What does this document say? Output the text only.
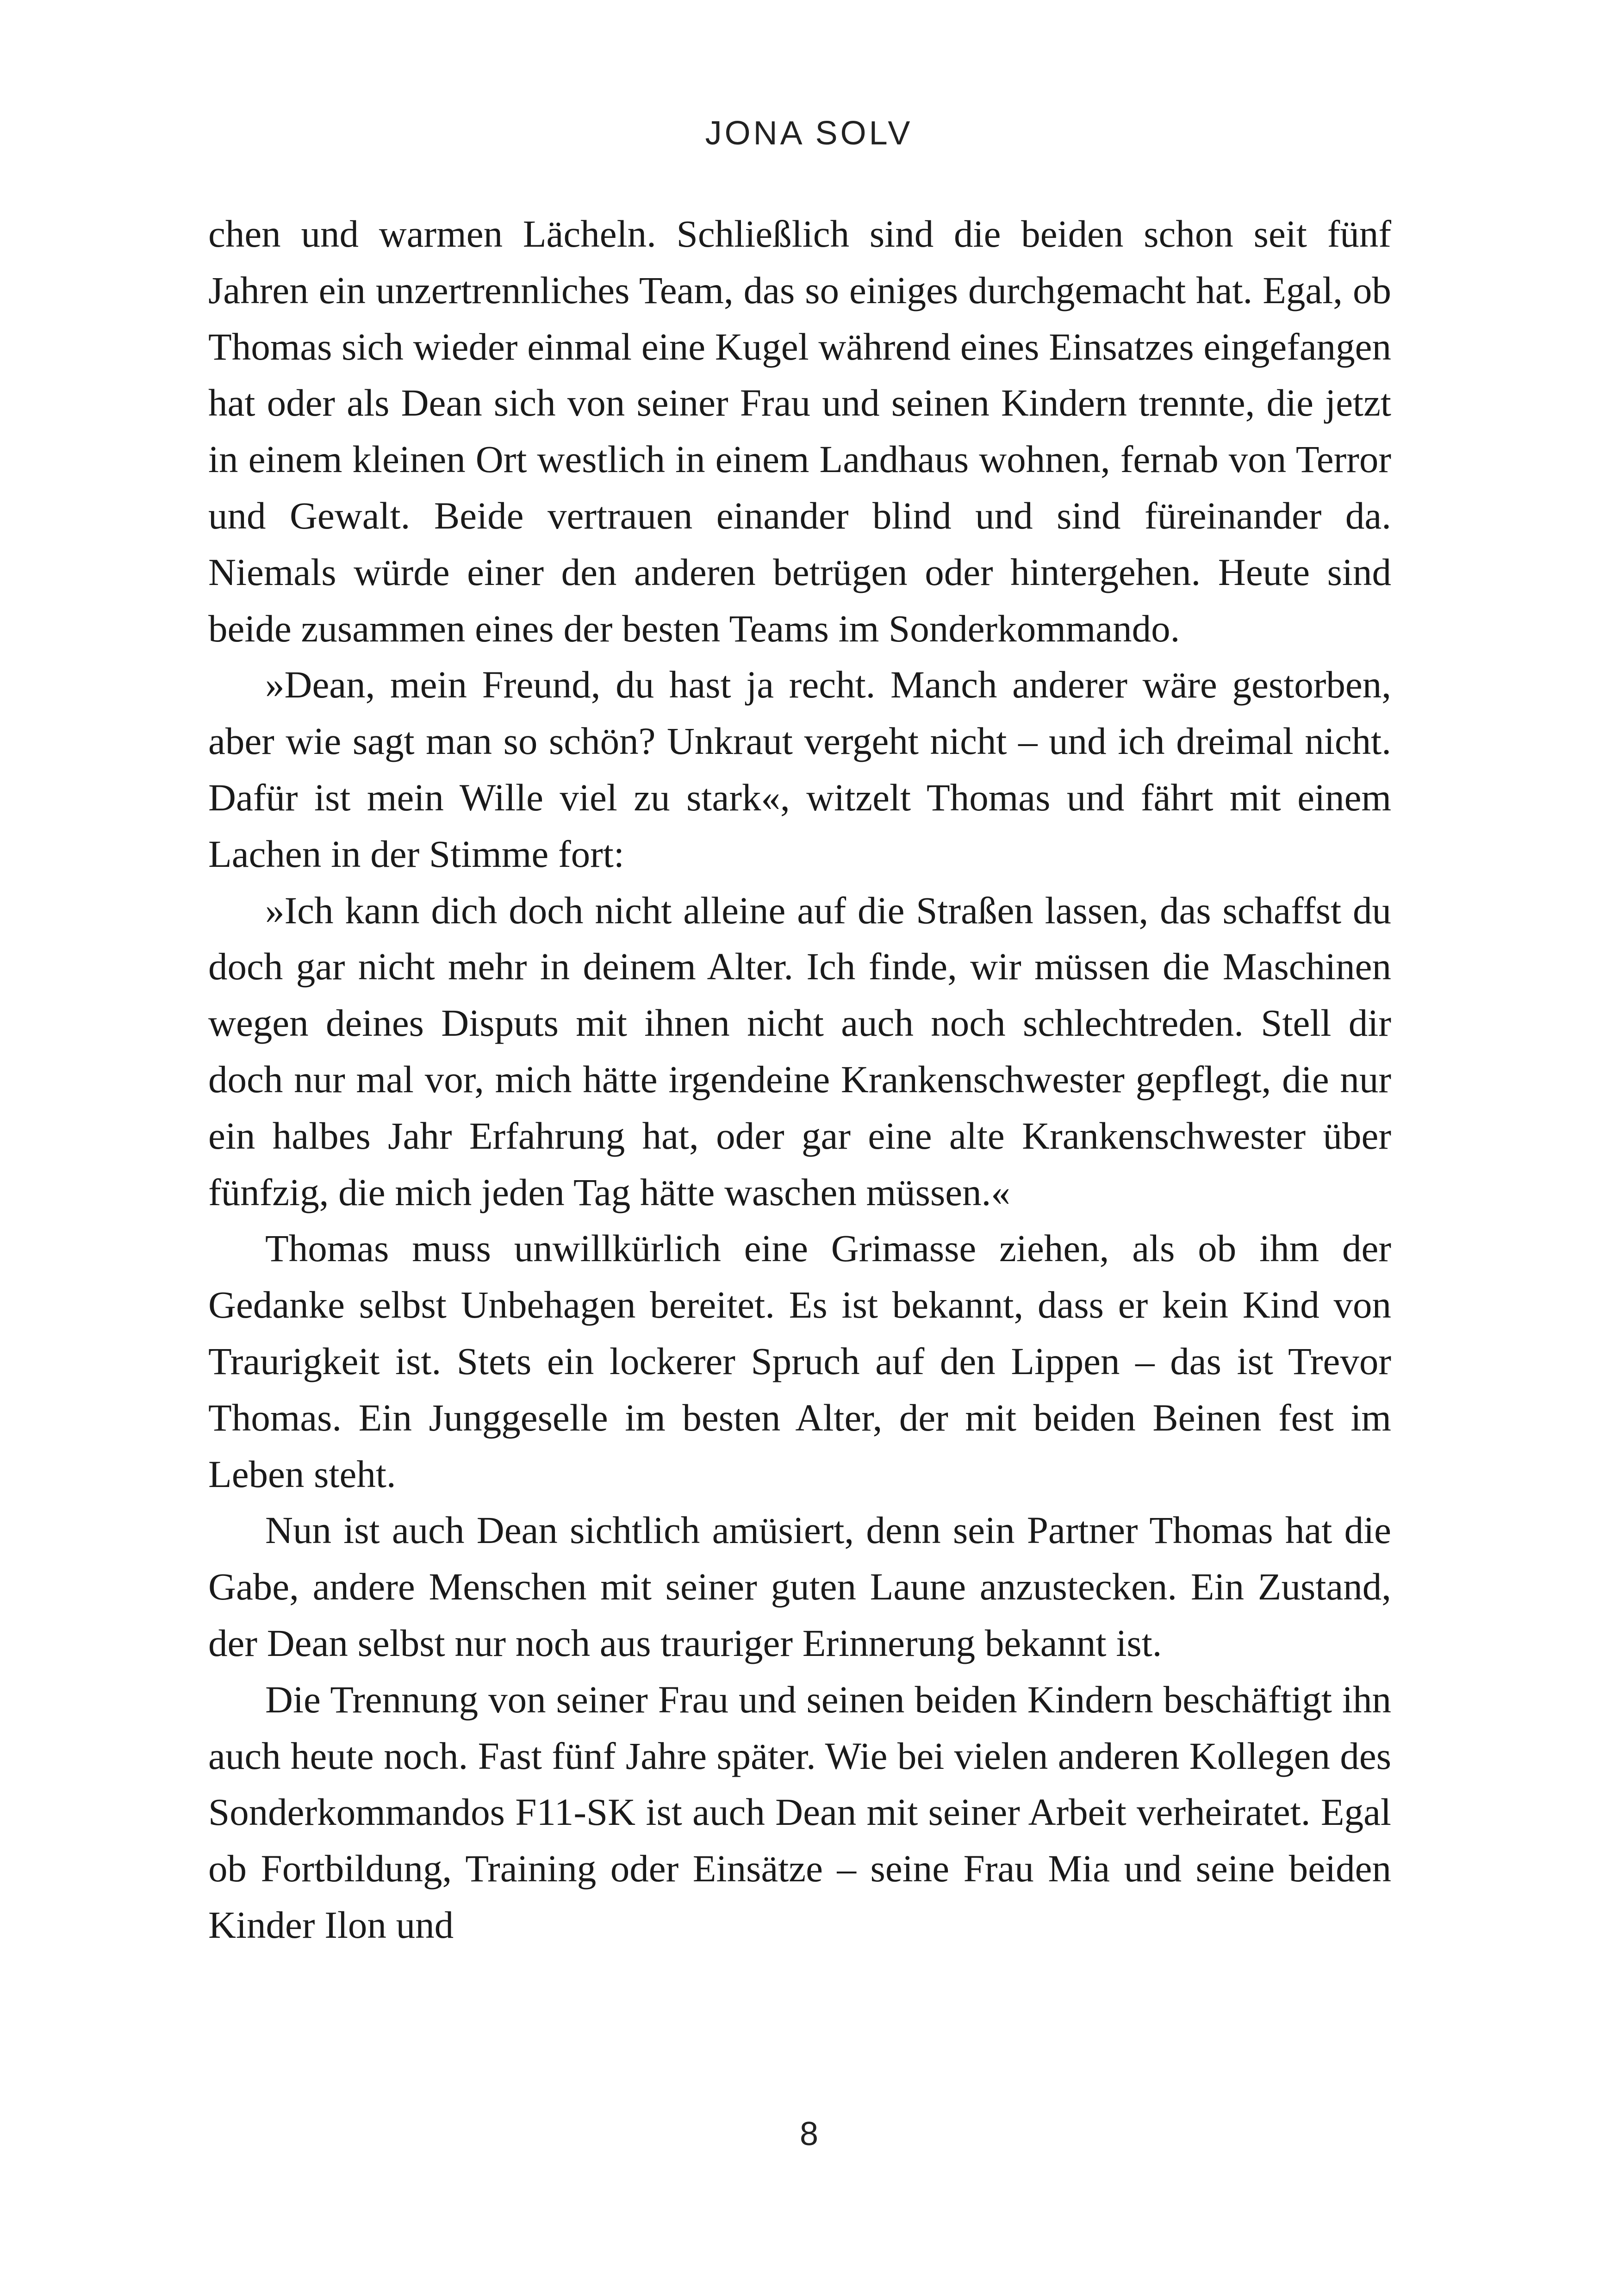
JONA SOLV

chen und warmen Lächeln. Schließlich sind die beiden schon seit fünf Jahren ein unzertrennliches Team, das so einiges durchgemacht hat. Egal, ob Thomas sich wieder einmal eine Kugel während eines Einsatzes eingefangen hat oder als Dean sich von seiner Frau und seinen Kindern trennte, die jetzt in einem kleinen Ort westlich in einem Landhaus wohnen, fernab von Terror und Gewalt. Beide vertrauen einander blind und sind füreinander da. Niemals würde einer den anderen betrügen oder hintergehen. Heute sind beide zusammen eines der besten Teams im Sonderkommando.

»Dean, mein Freund, du hast ja recht. Manch anderer wäre gestorben, aber wie sagt man so schön? Unkraut vergeht nicht – und ich dreimal nicht. Dafür ist mein Wille viel zu stark«, witzelt Thomas und fährt mit einem Lachen in der Stimme fort:

»Ich kann dich doch nicht alleine auf die Straßen lassen, das schaffst du doch gar nicht mehr in deinem Alter. Ich finde, wir müssen die Maschinen wegen deines Disputs mit ihnen nicht auch noch schlechtreden. Stell dir doch nur mal vor, mich hätte irgendeine Krankenschwester gepflegt, die nur ein halbes Jahr Erfahrung hat, oder gar eine alte Krankenschwester über fünfzig, die mich jeden Tag hätte waschen müssen.«

Thomas muss unwillkürlich eine Grimasse ziehen, als ob ihm der Gedanke selbst Unbehagen bereitet. Es ist bekannt, dass er kein Kind von Traurigkeit ist. Stets ein lockerer Spruch auf den Lippen – das ist Trevor Thomas. Ein Junggeselle im besten Alter, der mit beiden Beinen fest im Leben steht.

Nun ist auch Dean sichtlich amüsiert, denn sein Partner Thomas hat die Gabe, andere Menschen mit seiner guten Laune anzustecken. Ein Zustand, der Dean selbst nur noch aus trauriger Erinnerung bekannt ist.

Die Trennung von seiner Frau und seinen beiden Kindern beschäftigt ihn auch heute noch. Fast fünf Jahre später. Wie bei vielen anderen Kollegen des Sonderkommandos F11-SK ist auch Dean mit seiner Arbeit verheiratet. Egal ob Fortbildung, Training oder Einsätze – seine Frau Mia und seine beiden Kinder Ilon und

8
